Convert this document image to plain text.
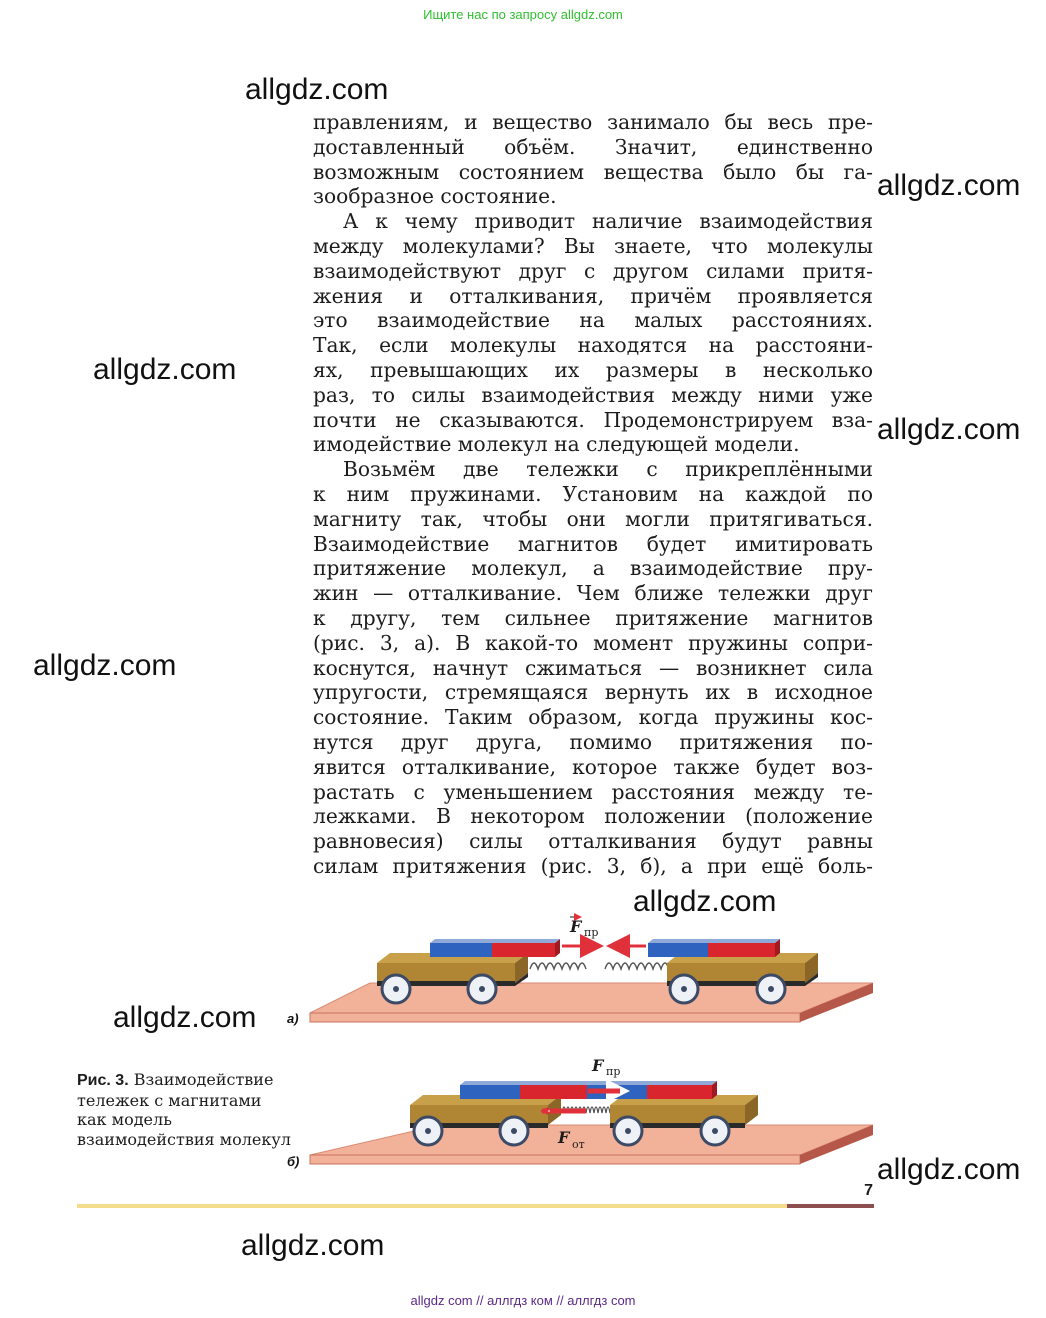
Ищите нас по запросу allgdz.com
allgdz.com
allgdz.com
allgdz.com
allgdz.com
allgdz.com
allgdz.com
allgdz.com
allgdz.com
allgdz.com

правлениям, и вещество занимало бы весь пре-

доставленный объём. Значит, единственно

возможным состоянием вещества было бы га-

зообразное состояние.

А к чему приводит наличие взаимодействия

между молекулами? Вы знаете, что молекулы

взаимодействуют друг с другом силами притя-

жения и отталкивания, причём проявляется

это взаимодействие на малых расстояниях.

Так, если молекулы находятся на расстояни-

ях, превышающих их размеры в несколько

раз, то силы взаимодействия между ними уже

почти не сказываются. Продемонстрируем вза-

имодействие молекул на следующей модели.

Возьмём две тележки с прикреплёнными

к ним пружинами. Установим на каждой по

магниту так, чтобы они могли притягиваться.

Взаимодействие магнитов будет имитировать

притяжение молекул, а взаимодействие пру-

жин — отталкивание. Чем ближе тележки друг

к другу, тем сильнее притяжение магнитов

(рис. 3, а). В какой-то момент пружины сопри-

коснутся, начнут сжиматься — возникнет сила

упругости, стремящаяся вернуть их в исходное

состояние. Таким образом, когда пружины кос-

нутся друг друга, помимо притяжения по-

явится отталкивание, которое также будет воз-

растать с уменьшением расстояния между те-

лежками. В некотором положении (положение

равновесия) силы отталкивания будут равны

силам притяжения (рис. 3, б), а при ещё боль-

F пр
F пр
F от
а)
б)
Рис. 3. Взаимодействие тележек с магнитами как модель взаимодействия молекул
7
allgdz com // аллгдз ком // аллгдз com
